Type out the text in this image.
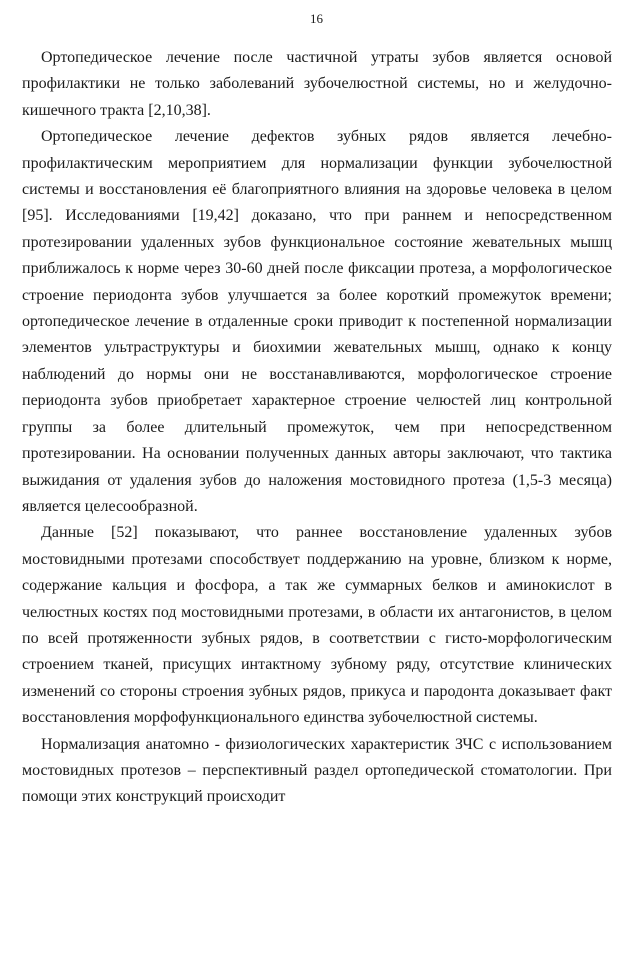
16

Ортопедическое лечение после частичной утраты зубов является основой профилактики не только заболеваний зубочелюстной системы, но и желудочно-кишечного тракта [2,10,38].

Ортопедическое лечение дефектов зубных рядов является лечебно-профилактическим мероприятием для нормализации функции зубочелюстной системы и восстановления её благоприятного влияния на здоровье человека в целом [95]. Исследованиями [19,42] доказано, что при раннем и непосредственном протезировании удаленных зубов функциональное состояние жевательных мышц приближалось к норме через 30-60 дней после фиксации протеза, а морфологическое строение периодонта зубов улучшается за более короткий промежуток времени; ортопедическое лечение в отдаленные сроки приводит к постепенной нормализации элементов ультраструктуры и биохимии жевательных мышц, однако к концу наблюдений до нормы они не восстанавливаются, морфологическое строение периодонта зубов приобретает характерное строение челюстей лиц контрольной группы за более длительный промежуток, чем при непосредственном протезировании. На основании полученных данных авторы заключают, что тактика выжидания от удаления зубов до наложения мостовидного протеза (1,5-3 месяца) является целесообразной.

Данные [52] показывают, что раннее восстановление удаленных зубов мостовидными протезами способствует поддержанию на уровне, близком к норме, содержание кальция и фосфора, а так же суммарных белков и аминокислот в челюстных костях под мостовидными протезами, в области их антагонистов, в целом по всей протяженности зубных рядов, в соответствии с гисто-морфологическим строением тканей, присущих интактному зубному ряду, отсутствие клинических изменений со стороны строения зубных рядов, прикуса и пародонта доказывает факт восстановления морфофункционального единства зубочелюстной системы.

Нормализация анатомно - физиологических характеристик ЗЧС с использованием мостовидных протезов – перспективный раздел ортопедической стоматологии. При помощи этих конструкций происходит
